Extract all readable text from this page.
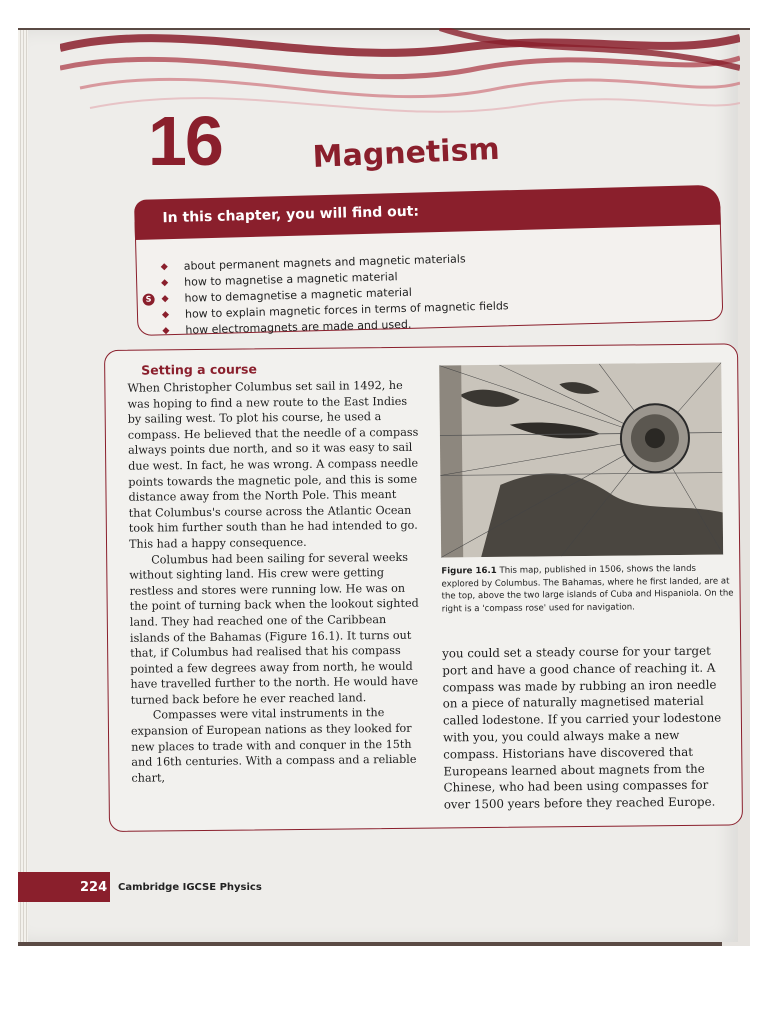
16	Magnetism
In this chapter, you will find out:
about permanent magnets and magnetic materials
how to magnetise a magnetic material
S	how to demagnetise a magnetic material
how to explain magnetic forces in terms of magnetic fields
how electromagnets are made and used.
Setting a course

When Christopher Columbus set sail in 1492, he was hoping to find a new route to the East Indies by sailing west. To plot his course, he used a compass. He believed that the needle of a compass always points due north, and so it was easy to sail due west. In fact, he was wrong. A compass needle points towards the magnetic pole, and this is some distance away from the North Pole. This meant that Columbus's course across the Atlantic Ocean took him further south than he had intended to go. This had a happy consequence.

Columbus had been sailing for several weeks without sighting land. His crew were getting restless and stores were running low. He was on the point of turning back when the lookout sighted land. They had reached one of the Caribbean islands of the Bahamas (Figure 16.1). It turns out that, if Columbus had realised that his compass pointed a few degrees away from north, he would have travelled further to the north. He would have turned back before he ever reached land.

Compasses were vital instruments in the expansion of European nations as they looked for new places to trade with and conquer in the 15th and 16th centuries. With a compass and a reliable chart,

Figure 16.1 This map, published in 1506, shows the lands explored by Columbus. The Bahamas, where he first landed, are at the top, above the two large islands of Cuba and Hispaniola. On the right is a 'compass rose' used for navigation.

you could set a steady course for your target port and have a good chance of reaching it. A compass was made by rubbing an iron needle on a piece of naturally magnetised material called lodestone. If you carried your lodestone with you, you could always make a new compass. Historians have discovered that Europeans learned about magnets from the Chinese, who had been using compasses for over 1500 years before they reached Europe.

224 Cambridge IGCSE Physics
